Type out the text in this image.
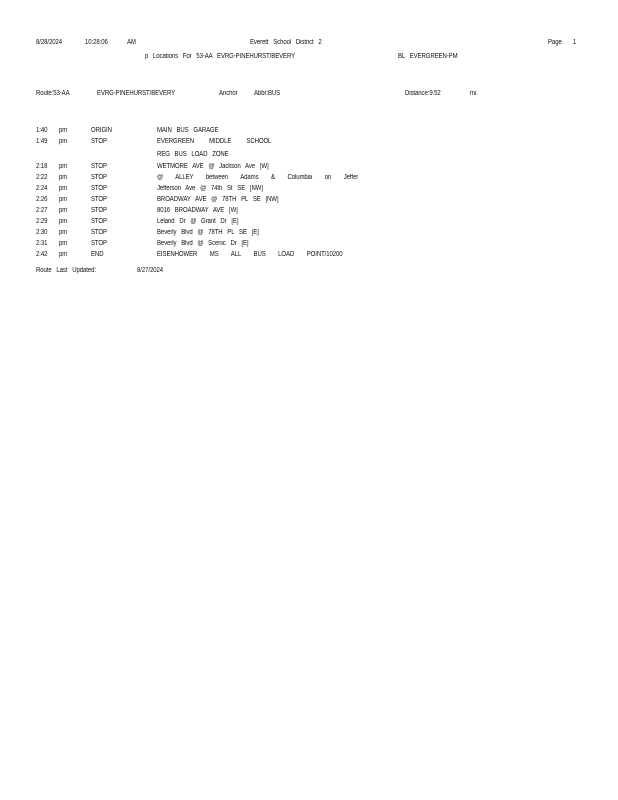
8/28/2024	10:28:06	AM	Everett   School   District   2	Page 1
p   Locations   For   53-AA   EVRG-PINEHURST/BEVERY	BL   EVERGREEN-PM
Route:53-AA	EVRG-PINEHURST/BEVERY	Anchor Abbr:BUS	Distance:9.52	mi.
1:40 pm	ORIGIN	MAIN   BUS   GARAGE
1:49 pm	STOP	EVERGREEN   MIDDLE   SCHOOL
REG   BUS   LOAD   ZONE
2:18 pm	STOP	WETMORE   AVE   @   Jackson   Ave   [W]
2:22 pm	STOP	@   ALLEY   between   Adams   &   Columbia   on   Jeffer
2:24 pm	STOP	Jefferson   Ave   @   74th   St   SE   [NW]
2:26 pm	STOP	BROADWAY   AVE   @   78TH   PL   SE   [NW]
2:27 pm	STOP	8016   BROADWAY   AVE   [W]
2:29 pm	STOP	Leland   Dr   @   Grant   Dr   [E]
2:30 pm	STOP	Beverly   Blvd   @   78TH   PL   SE   [E]
2:31 pm	STOP	Beverly   Blvd   @   Scenic   Dr   [E]
2:42 pm	END	EISENHOWER   MS   ALL   BUS   LOAD   POINT/10200
Route   Last   Updated:	8/27/2024
